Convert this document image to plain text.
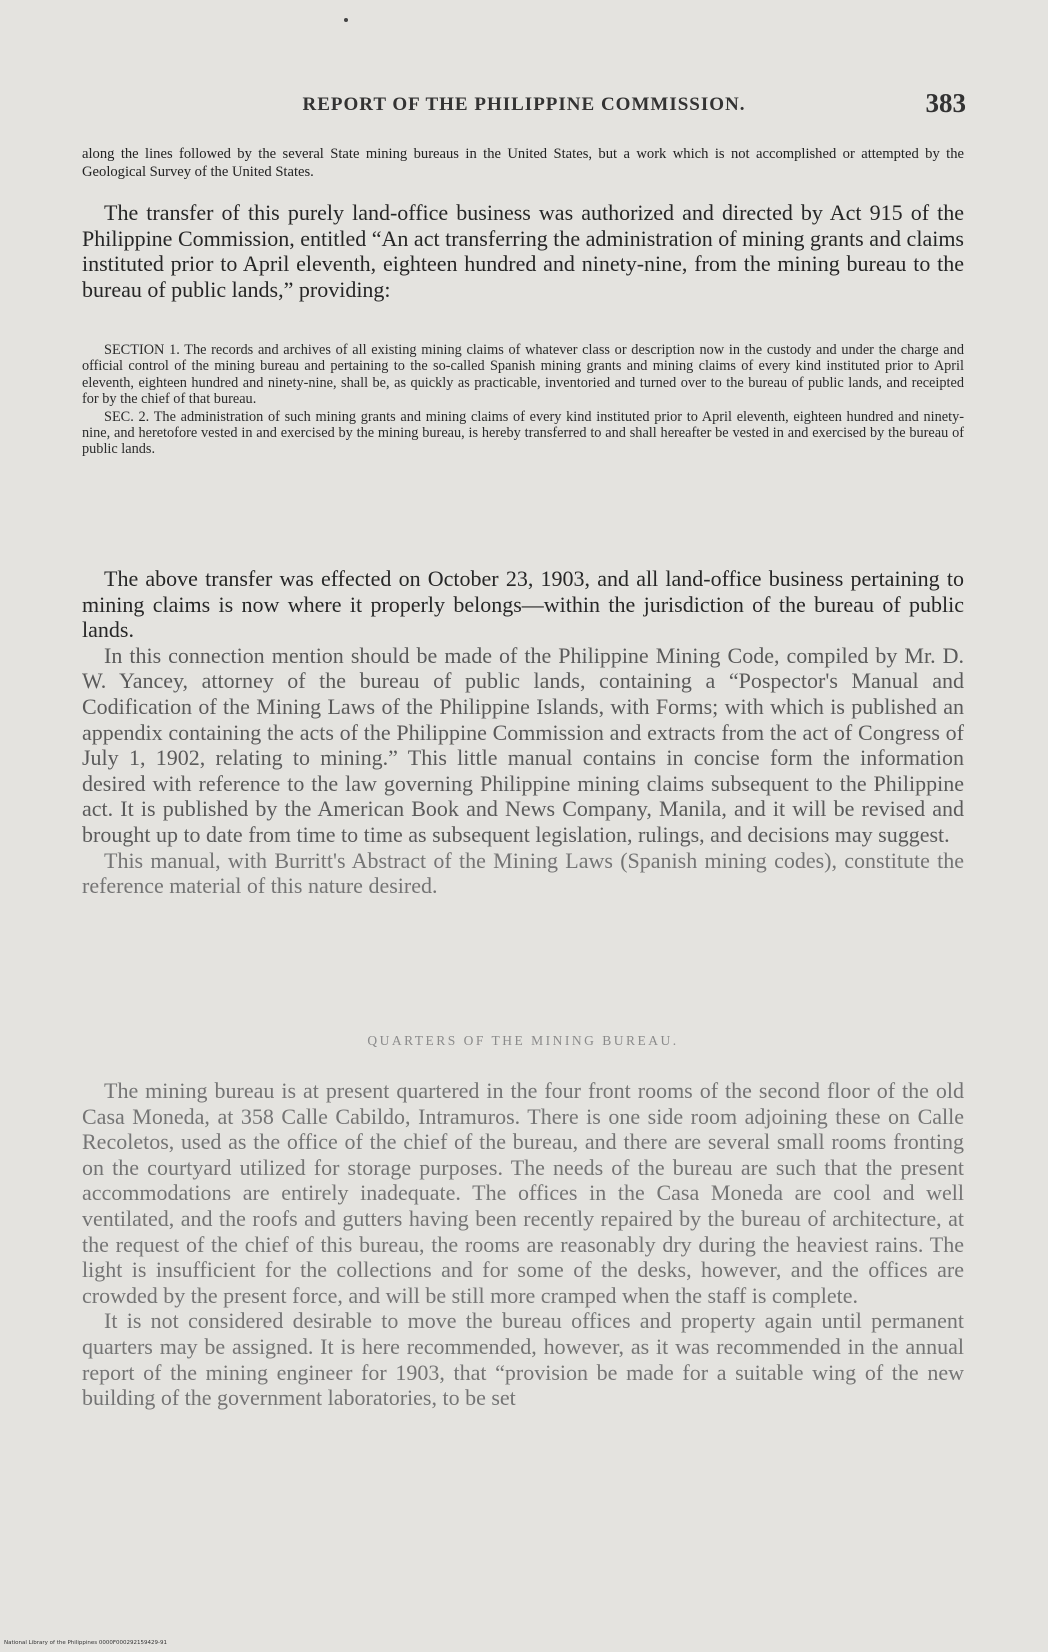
REPORT OF THE PHILIPPINE COMMISSION.	383
along the lines followed by the several State mining bureaus in the United States, but a work which is not accomplished or attempted by the Geological Survey of the United States.

The transfer of this purely land-office business was authorized and directed by Act 915 of the Philippine Commission, entitled “An act transferring the administration of mining grants and claims instituted prior to April eleventh, eighteen hundred and ninety-nine, from the mining bureau to the bureau of public lands,” providing:

SECTION 1. The records and archives of all existing mining claims of whatever class or description now in the custody and under the charge and official control of the mining bureau and pertaining to the so-called Spanish mining grants and mining claims of every kind instituted prior to April eleventh, eighteen hundred and ninety-nine, shall be, as quickly as practicable, inventoried and turned over to the bureau of public lands, and receipted for by the chief of that bureau.

SEC. 2. The administration of such mining grants and mining claims of every kind instituted prior to April eleventh, eighteen hundred and ninety-nine, and heretofore vested in and exercised by the mining bureau, is hereby transferred to and shall hereafter be vested in and exercised by the bureau of public lands.

The above transfer was effected on October 23, 1903, and all land-office business pertaining to mining claims is now where it properly belongs—within the jurisdiction of the bureau of public lands.

In this connection mention should be made of the Philippine Mining Code, compiled by Mr. D. W. Yancey, attorney of the bureau of public lands, containing a “Pospector's Manual and Codification of the Mining Laws of the Philippine Islands, with Forms; with which is published an appendix containing the acts of the Philippine Commission and extracts from the act of Congress of July 1, 1902, relating to mining.” This little manual contains in concise form the information desired with reference to the law governing Philippine mining claims subsequent to the Philippine act. It is published by the American Book and News Company, Manila, and it will be revised and brought up to date from time to time as subsequent legislation, rulings, and decisions may suggest.

This manual, with Burritt's Abstract of the Mining Laws (Spanish mining codes), constitute the reference material of this nature desired.

QUARTERS OF THE MINING BUREAU.

The mining bureau is at present quartered in the four front rooms of the second floor of the old Casa Moneda, at 358 Calle Cabildo, Intramuros. There is one side room adjoining these on Calle Recoletos, used as the office of the chief of the bureau, and there are several small rooms fronting on the courtyard utilized for storage purposes. The needs of the bureau are such that the present accommodations are entirely inadequate. The offices in the Casa Moneda are cool and well ventilated, and the roofs and gutters having been recently repaired by the bureau of architecture, at the request of the chief of this bureau, the rooms are reasonably dry during the heaviest rains. The light is insufficient for the collections and for some of the desks, however, and the offices are crowded by the present force, and will be still more cramped when the staff is complete.

It is not considered desirable to move the bureau offices and property again until permanent quarters may be assigned. It is here recommended, however, as it was recommended in the annual report of the mining engineer for 1903, that “provision be made for a suitable wing of the new building of the government laboratories, to be set

National Library of the Philippines 0000F000292159429-91
